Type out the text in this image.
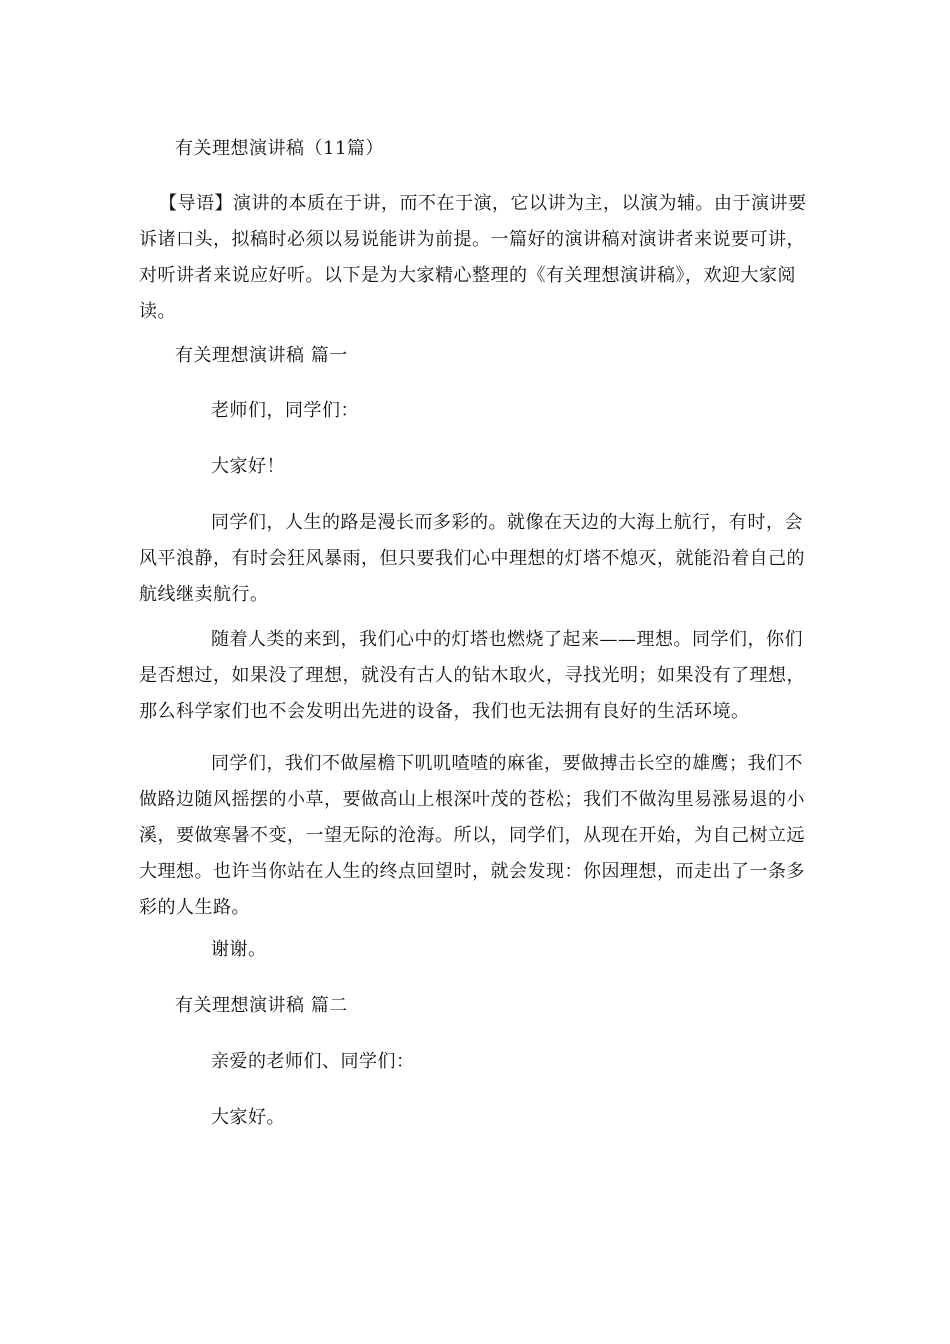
有关理想演讲稿（11篇）

【导语】演讲的本质在于讲，而不在于演，它以讲为主，以演为辅。由于演讲要诉诸口头，拟稿时必须以易说能讲为前提。一篇好的演讲稿对演讲者来说要可讲，对听讲者来说应好听。以下是为大家精心整理的《有关理想演讲稿》，欢迎大家阅读。

有关理想演讲稿 篇一

老师们，同学们：

大家好！

同学们，人生的路是漫长而多彩的。就像在天边的大海上航行，有时，会风平浪静，有时会狂风暴雨，但只要我们心中理想的灯塔不熄灭，就能沿着自己的航线继卖航行。

随着人类的来到，我们心中的灯塔也燃烧了起来——理想。同学们，你们是否想过，如果没了理想，就没有古人的钻木取火，寻找光明；如果没有了理想，那么科学家们也不会发明出先进的设备，我们也无法拥有良好的生活环境。

同学们，我们不做屋檐下叽叽喳喳的麻雀，要做搏击长空的雄鹰；我们不做路边随风摇摆的小草，要做高山上根深叶茂的苍松；我们不做沟里易涨易退的小溪，要做寒暑不变，一望无际的沧海。所以，同学们，从现在开始，为自己树立远大理想。也许当你站在人生的终点回望时，就会发现：你因理想，而走出了一条多彩的人生路。

谢谢。

有关理想演讲稿 篇二

亲爱的老师们、同学们：

大家好。
